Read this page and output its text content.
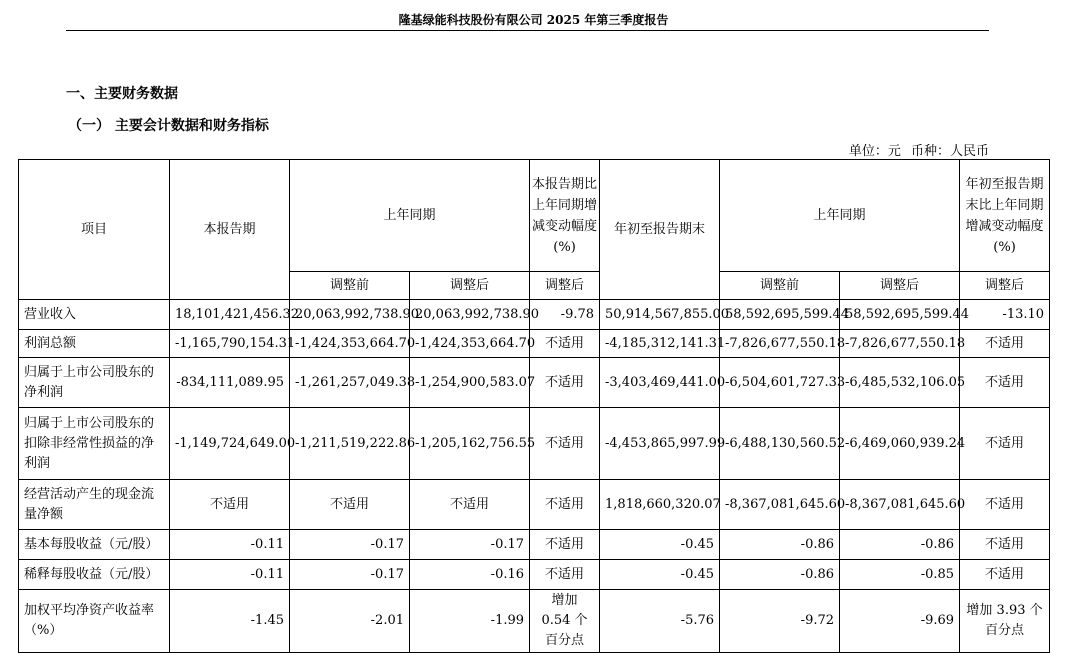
隆基绿能科技股份有限公司 2025 年第三季度报告
一、主要财务数据
（一） 主要会计数据和财务指标
单位：元 币种：人民币
项目	本报告期	上年同期		本报告期比上年同期增减变动幅度(%)	年初至报告期末	上年同期		年初至报告期末比上年同期增减变动幅度(%)
		调整前	调整后	调整后		调整前	调整后	调整后
营业收入	18,101,421,456.32	20,063,992,738.90	20,063,992,738.90	-9.78	50,914,567,855.00	58,592,695,599.44	58,592,695,599.44	-13.10
利润总额	-1,165,790,154.31	-1,424,353,664.70	-1,424,353,664.70	不适用	-4,185,312,141.31	-7,826,677,550.18	-7,826,677,550.18	不适用
归属于上市公司股东的净利润	-834,111,089.95	-1,261,257,049.38	-1,254,900,583.07	不适用	-3,403,469,441.00	-6,504,601,727.33	-6,485,532,106.05	不适用
归属于上市公司股东的扣除非经常性损益的净利润	-1,149,724,649.00	-1,211,519,222.86	-1,205,162,756.55	不适用	-4,453,865,997.99	-6,488,130,560.52	-6,469,060,939.24	不适用
经营活动产生的现金流量净额	不适用	不适用	不适用	不适用	1,818,660,320.07	-8,367,081,645.60	-8,367,081,645.60	不适用
基本每股收益（元/股）	-0.11	-0.17	-0.17	不适用	-0.45	-0.86	-0.86	不适用
稀释每股收益（元/股）	-0.11	-0.17	-0.16	不适用	-0.45	-0.86	-0.85	不适用
加权平均净资产收益率（%）	-1.45	-2.01	-1.99	增加 0.54 个百分点	-5.76	-9.72	-9.69	增加 3.93 个百分点
